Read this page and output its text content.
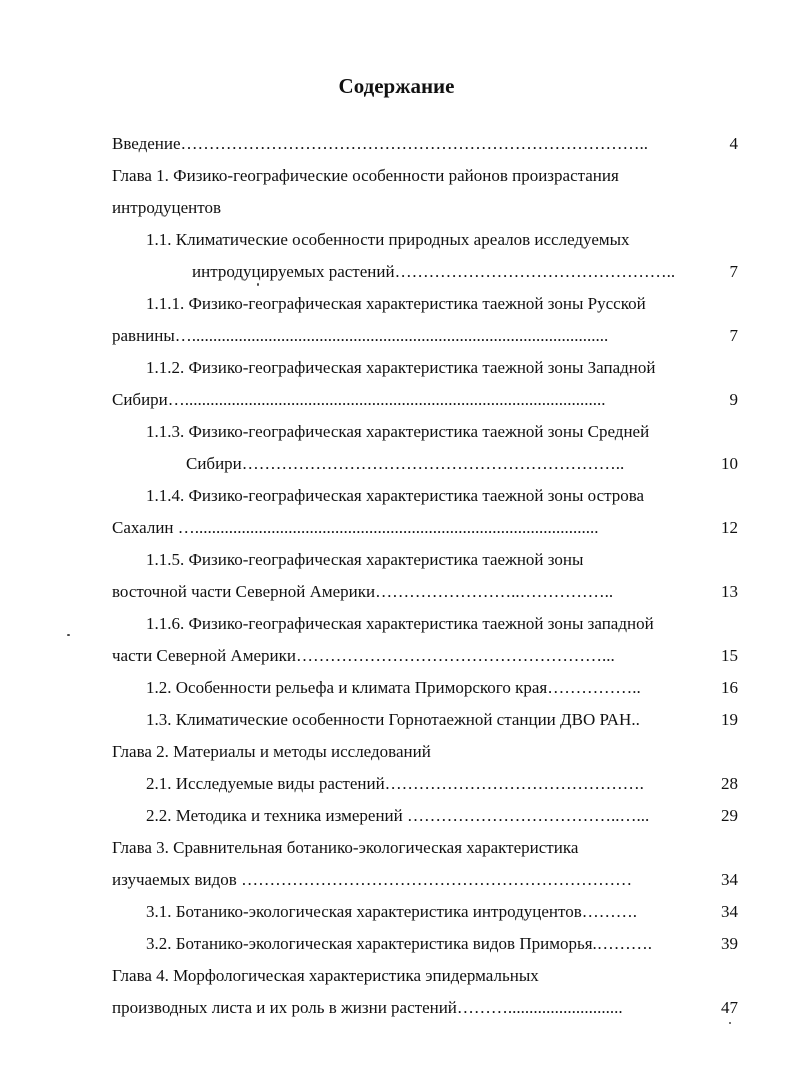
Содержание
Введение………………………………………………………………………..	4
Глава 1. Физико-географические особенности районов произрастания
интродуцентов
1.1. Климатические особенности природных ареалов исследуемых
интродуцируемых растений…………………………………………..	7
1.1.1. Физико-географическая характеристика таежной зоны Русской
равнины…..................................................................................................	7
1.1.2. Физико-географическая характеристика таежной зоны Западной
Сибири…...................................................................................................	9
1.1.3. Физико-географическая характеристика таежной зоны Средней
Сибири…………………………………………………………..	10
1.1.4. Физико-географическая характеристика таежной зоны острова
Сахалин …...............................................................................................	12
1.1.5. Физико-географическая характеристика таежной зоны
восточной части Северной Америки……………………..……………..	13
1.1.6. Физико-географическая характеристика таежной зоны западной
части Северной Америки………………………………………………...	15
1.2. Особенности рельефа и климата Приморского края……………..	16
1.3. Климатические особенности Горнотаежной станции ДВО РАН..	19
Глава 2. Материалы и методы исследований
2.1. Исследуемые виды растений……………………………………….	28
2.2. Методика и техника измерений ………………………………..…...	29
Глава 3. Сравнительная ботанико-экологическая характеристика
изучаемых видов ……………………………………………………………	34
3.1. Ботанико-экологическая характеристика интродуцентов……….	34
3.2. Ботанико-экологическая характеристика видов Приморья.……….	39
Глава 4. Морфологическая характеристика эпидермальных
производных листа и их роль в жизни растений………...........................	47
